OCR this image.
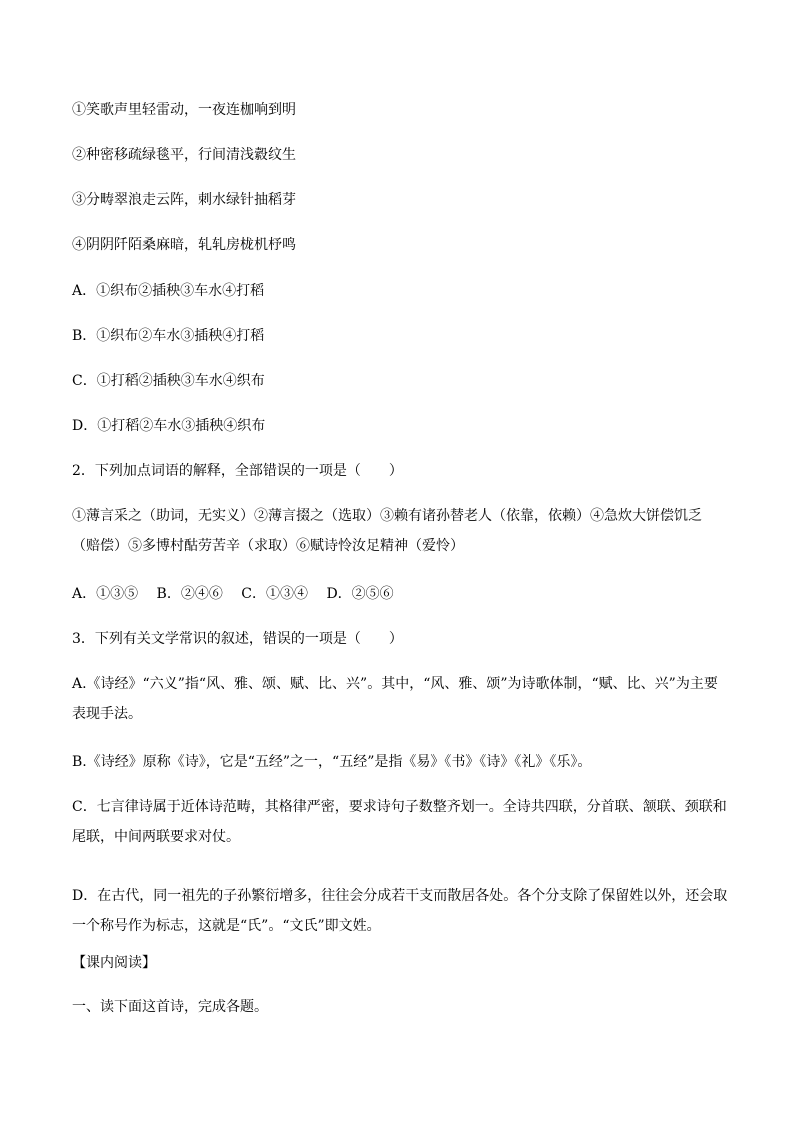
①笑歌声里轻雷动，一夜连枷响到明
②种密移疏绿毯平，行间清浅縠纹生
③分畴翠浪走云阵，刺水绿针抽稻芽
④阴阴阡陌桑麻暗，轧轧房栊机杼鸣
A．①织布②插秧③车水④打稻
B．①织布②车水③插秧④打稻
C．①打稻②插秧③车水④织布
D．①打稻②车水③插秧④织布
2．下列加点词语的解释，全部错误的一项是（　　）
①薄言采之（助词，无实义）②薄言掇之（选取）③赖有诸孙替老人（依靠，依赖）④急炊大饼偿饥乏（赔偿）⑤多博村酤劳苦辛（求取）⑥赋诗怜汝足精神（爱怜）
A．①③⑤　 B．②④⑥　 C．①③④　 D．②⑤⑥
3．下列有关文学常识的叙述，错误的一项是（　　）
A.《诗经》“六义”指“风、雅、颂、赋、比、兴”。其中，“风、雅、颂”为诗歌体制，“赋、比、兴”为主要表现手法。
B.《诗经》原称《诗》，它是“五经”之一，“五经”是指《易》《书》《诗》《礼》《乐》。
C．七言律诗属于近体诗范畴，其格律严密，要求诗句子数整齐划一。全诗共四联，分首联、颔联、颈联和尾联，中间两联要求对仗。
D．在古代，同一祖先的子孙繁衍增多，往往会分成若干支而散居各处。各个分支除了保留姓以外，还会取一个称号作为标志，这就是“氏”。“文氏”即文姓。
【课内阅读】
一、读下面这首诗，完成各题。
